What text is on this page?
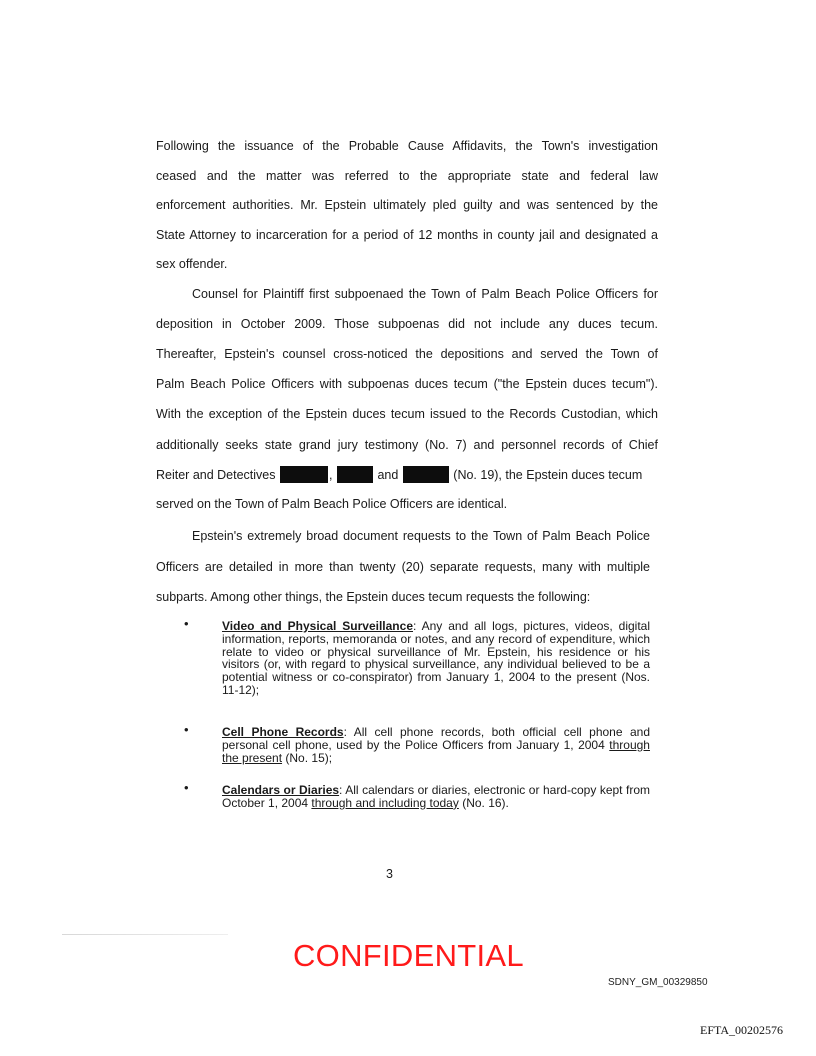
Following the issuance of the Probable Cause Affidavits, the Town's investigation
ceased and the matter was referred to the appropriate state and federal law
enforcement authorities. Mr. Epstein ultimately pled guilty and was sentenced by the
State Attorney to incarceration for a period of 12 months in county jail and designated a
sex offender.
Counsel for Plaintiff first subpoenaed the Town of Palm Beach Police Officers for
deposition in October 2009. Those subpoenas did not include any duces tecum.
Thereafter, Epstein's counsel cross-noticed the depositions and served the Town of
Palm Beach Police Officers with subpoenas duces tecum ("the Epstein duces tecum").
With the exception of the Epstein duces tecum issued to the Records Custodian, which
additionally seeks state grand jury testimony (No. 7) and personnel records of Chief
Reiter and Detectives	,	and	(No. 19), the Epstein duces tecum
served on the Town of Palm Beach Police Officers are identical.
Epstein's extremely broad document requests to the Town of Palm Beach Police
Officers are detailed in more than twenty (20) separate requests, many with multiple
subparts. Among other things, the Epstein duces tecum requests the following:
•	Video and Physical Surveillance: Any and all logs, pictures, videos, digital information, reports, memoranda or notes, and any record of expenditure, which relate to video or physical surveillance of Mr. Epstein, his residence or his visitors (or, with regard to physical surveillance, any individual believed to be a potential witness or co-conspirator) from January 1, 2004 to the present (Nos. 11-12);
•	Cell Phone Records: All cell phone records, both official cell phone and personal cell phone, used by the Police Officers from January 1, 2004 through the present (No. 15);
•	Calendars or Diaries: All calendars or diaries, electronic or hard-copy kept from October 1, 2004 through and including today (No. 16).
3
CONFIDENTIAL
SDNY_GM_00329850
EFTA_00202576
